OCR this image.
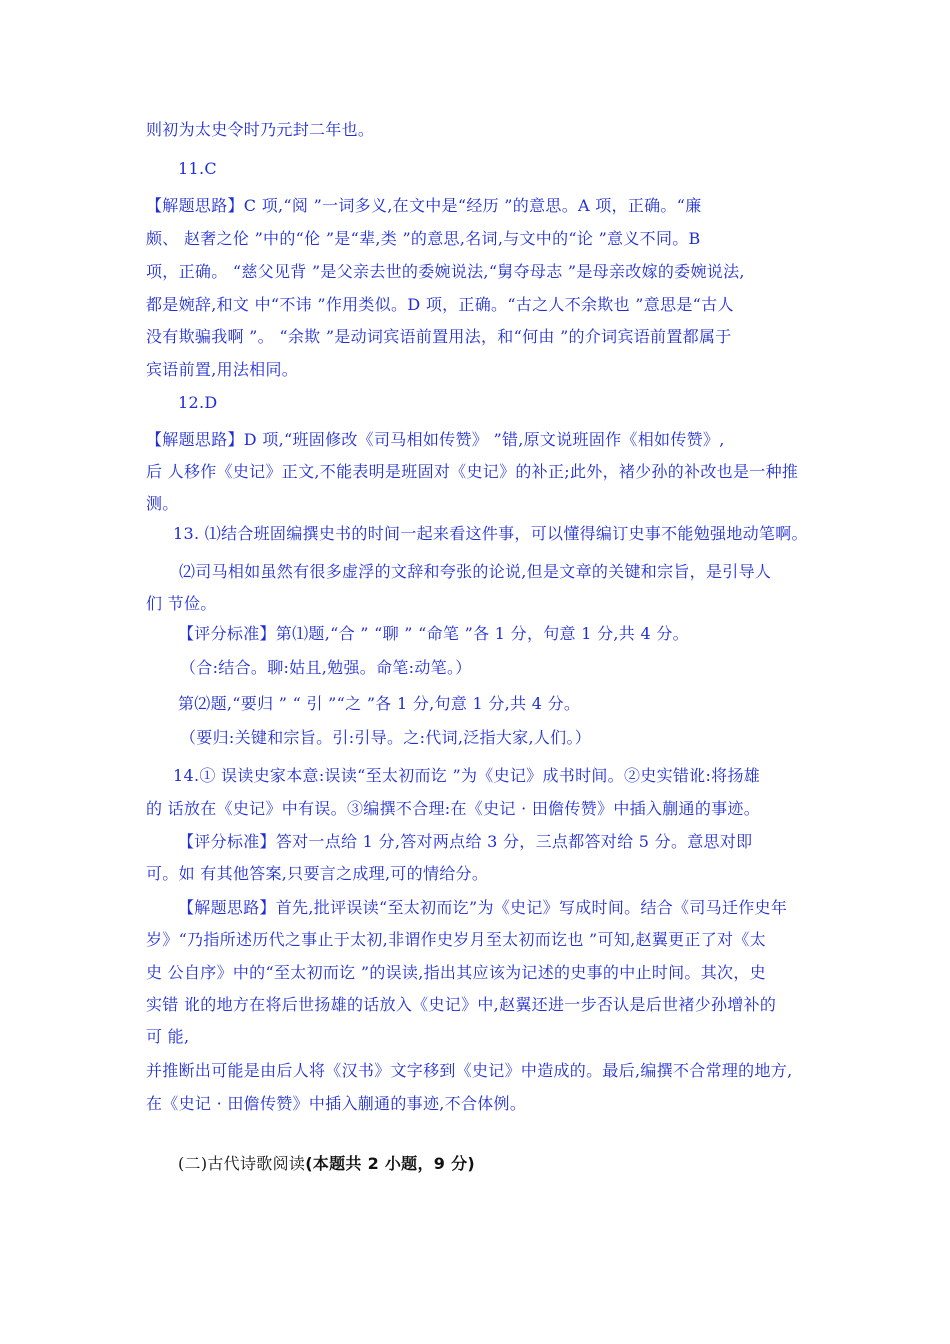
则初为太史令时乃元封二年也。
11.C
【解题思路】C 项,“阅 ”一词多义,在文中是“经历 ”的意思。A 项，正确。“廉
颇、 赵奢之伦 ”中的“伦 ”是“辈,类 ”的意思,名词,与文中的“论 ”意义不同。B
项，正确。 “慈父见背 ”是父亲去世的委婉说法,“舅夺母志 ”是母亲改嫁的委婉说法,
都是婉辞,和文 中“不讳 ”作用类似。D 项，正确。“古之人不余欺也 ”意思是“古人
没有欺骗我啊 ”。 “余欺 ”是动词宾语前置用法，和“何由 ”的介词宾语前置都属于
宾语前置,用法相同。
12.D
【解题思路】D 项,“班固修改《司马相如传赞》 ”错,原文说班固作《相如传赞》,
后 人移作《史记》正文,不能表明是班固对《史记》的补正;此外，褚少孙的补改也是一种推
测。
13. ⑴结合班固编撰史书的时间一起来看这件事，可以懂得编订史事不能勉强地动笔啊。
⑵司马相如虽然有很多虚浮的文辞和夸张的论说,但是文章的关键和宗旨，是引导人
们 节俭。
【评分标准】第⑴题,“合 ” “聊 ” “命笔 ”各 1 分，句意 1 分,共 4 分。
（合:结合。聊:姑且,勉强。命笔:动笔。）
第⑵题,“要归 ” “ 引 ”“之 ”各 1 分,句意 1 分,共 4 分。
（要归:关键和宗旨。引:引导。之:代词,泛指大家,人们。）
14.① 误读史家本意:误读“至太初而讫 ”为《史记》成书时间。②史实错讹:将扬雄
的 话放在《史记》中有误。③编撰不合理:在《史记 · 田儋传赞》中插入蒯通的事迹。
【评分标准】答对一点给 1 分,答对两点给 3 分，三点都答对给 5 分。意思对即
可。如 有其他答案,只要言之成理,可的情给分。
【解题思路】首先,批评误读“至太初而讫”为《史记》写成时间。结合《司马迁作史年
岁》“乃指所述历代之事止于太初,非谓作史岁月至太初而讫也 ”可知,赵翼更正了对《太
史 公自序》中的“至太初而讫 ”的误读,指出其应该为记述的史事的中止时间。其次，史
实错 讹的地方在将后世扬雄的话放入《史记》中,赵翼还进一步否认是后世褚少孙增补的
可 能,
并推断出可能是由后人将《汉书》文字移到《史记》中造成的。最后,编撰不合常理的地方,
在《史记 · 田儋传赞》中插入蒯通的事迹,不合体例。
(二)古代诗歌阅读(本题共 2 小题，9 分)
